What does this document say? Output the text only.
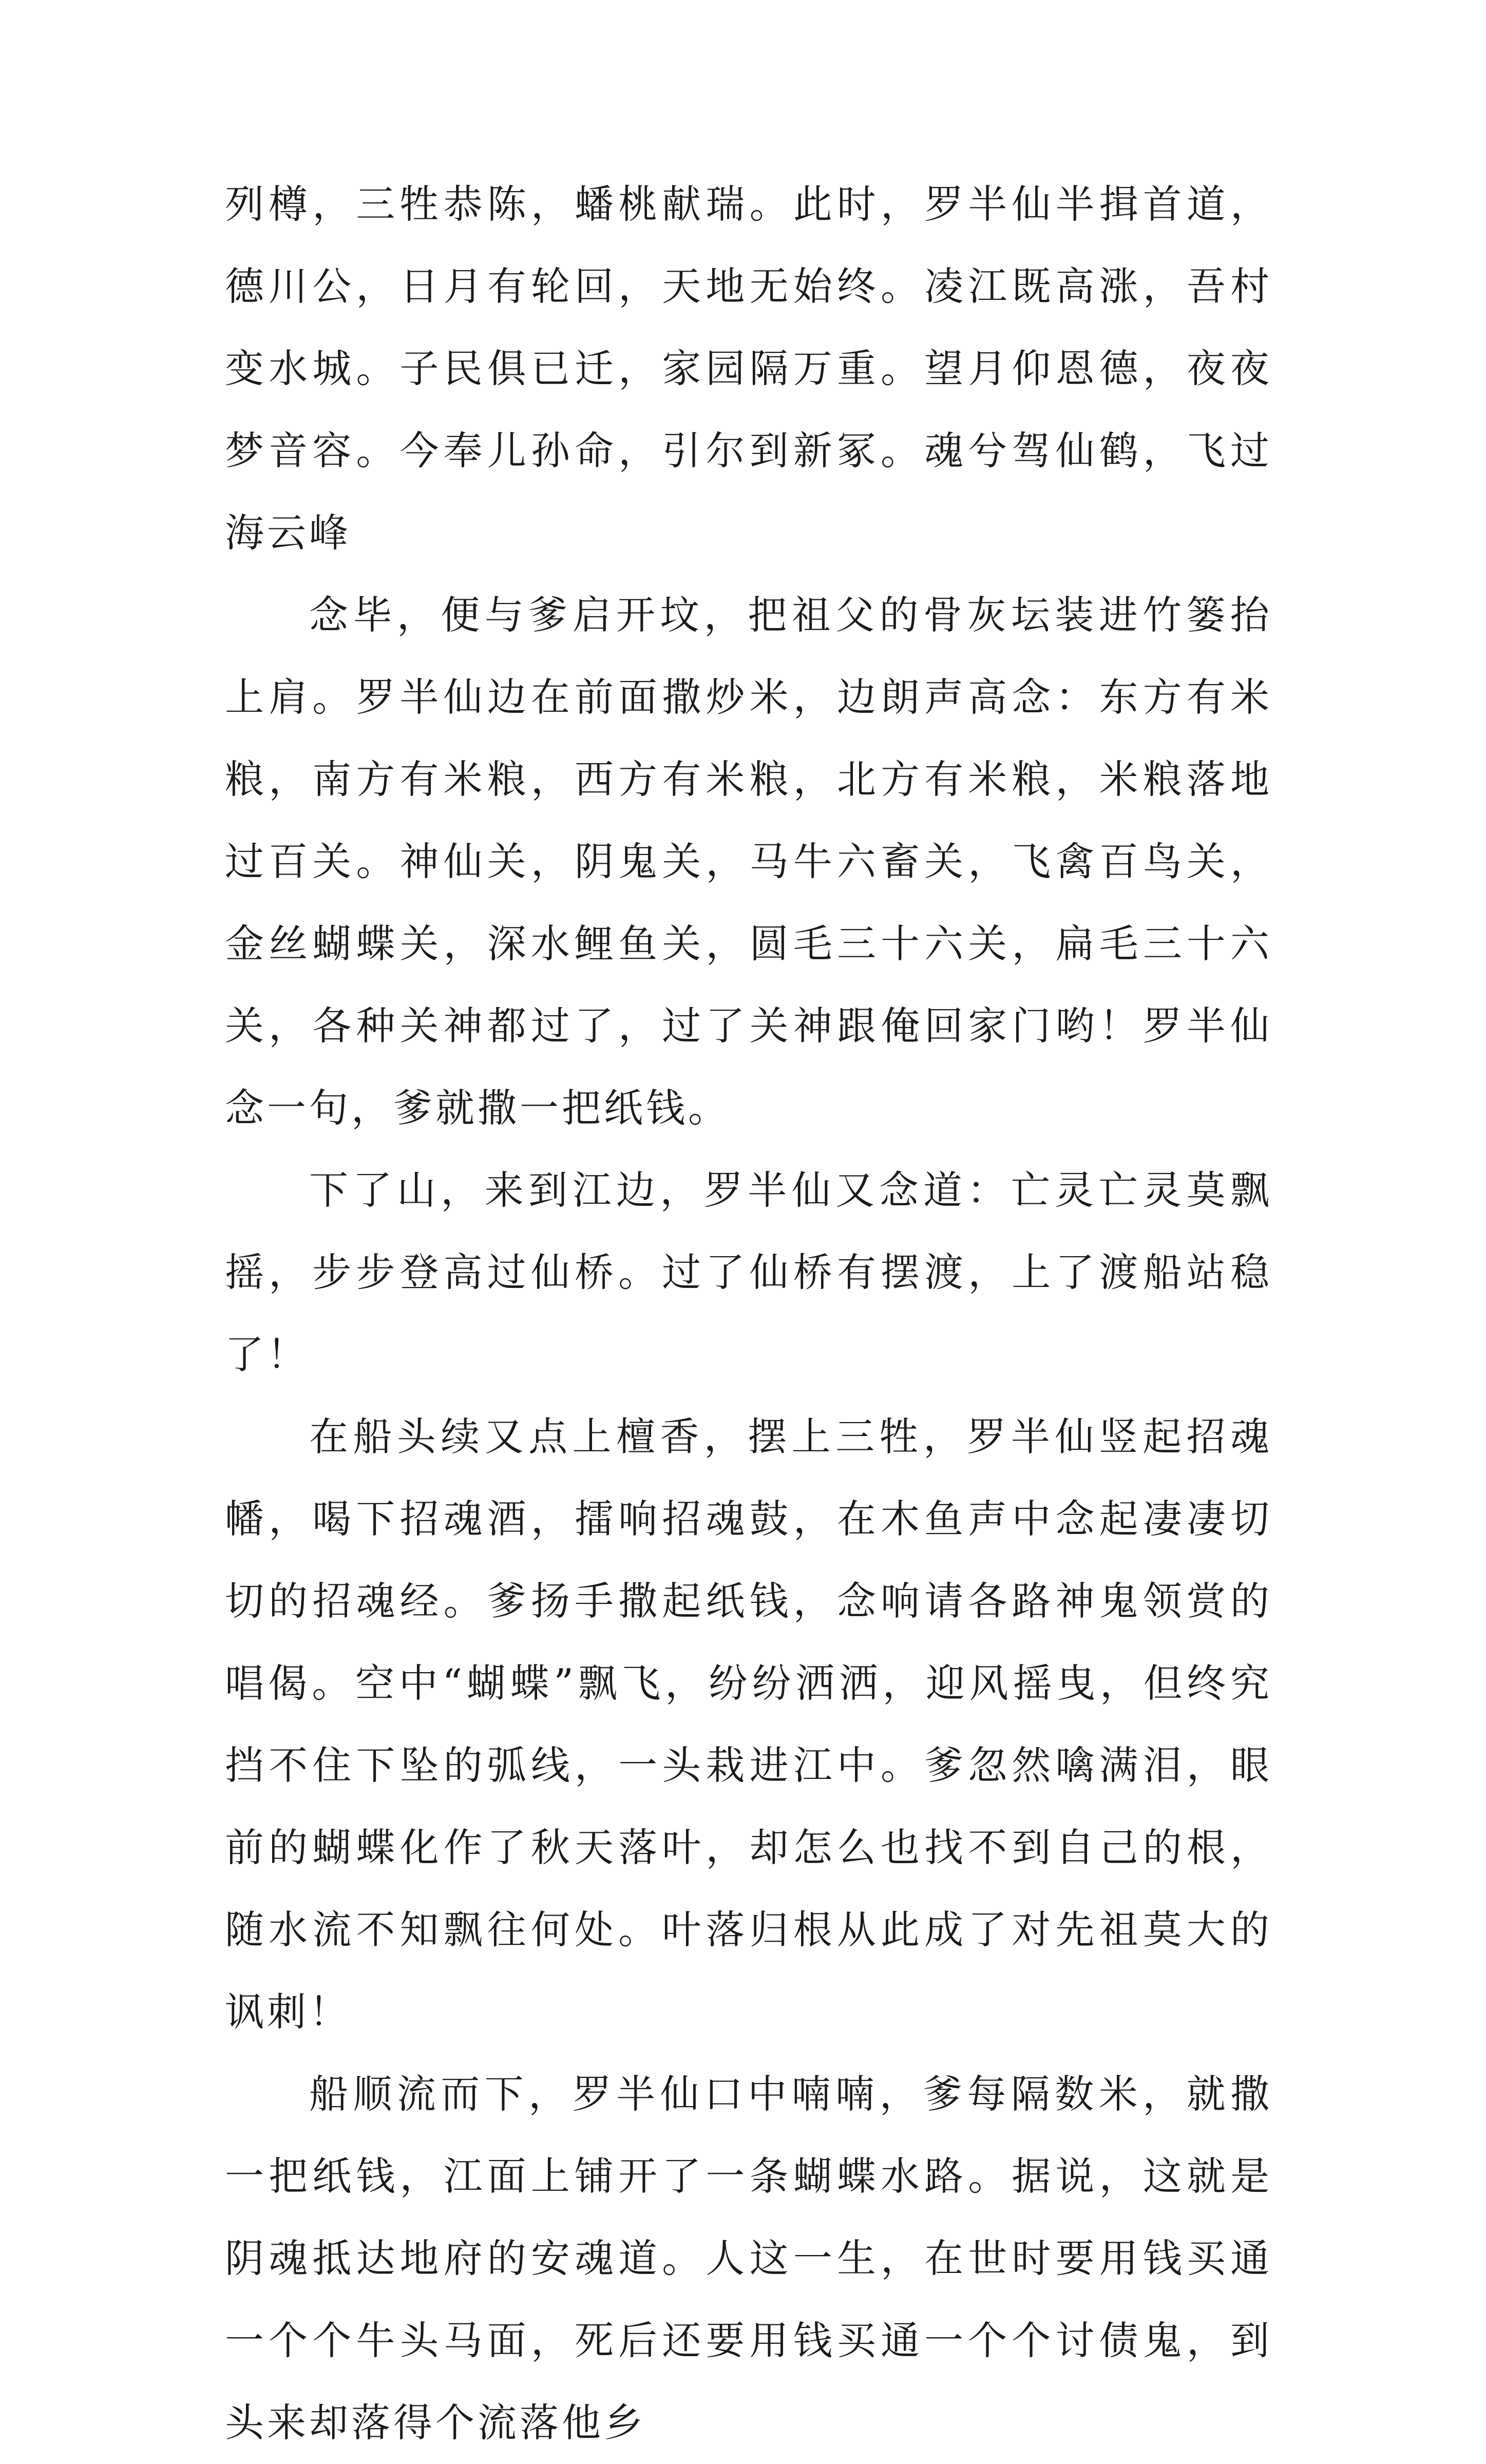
列樽，三牲恭陈，蟠桃献瑞。此时，罗半仙半揖首道，德川公，日月有轮回，天地无始终。凌江既高涨，吾村变水城。子民俱已迁，家园隔万重。望月仰恩德，夜夜梦音容。今奉儿孙命，引尔到新冢。魂兮驾仙鹤，飞过海云峰

念毕，便与爹启开坟，把祖父的骨灰坛装进竹篓抬上肩。罗半仙边在前面撒炒米，边朗声高念：东方有米粮，南方有米粮，西方有米粮，北方有米粮，米粮落地过百关。神仙关，阴鬼关，马牛六畜关，飞禽百鸟关，金丝蝴蝶关，深水鲤鱼关，圆毛三十六关，扁毛三十六关，各种关神都过了，过了关神跟俺回家门哟！罗半仙念一句，爹就撒一把纸钱。

下了山，来到江边，罗半仙又念道：亡灵亡灵莫飘摇，步步登高过仙桥。过了仙桥有摆渡，上了渡船站稳了！

在船头续又点上檀香，摆上三牲，罗半仙竖起招魂幡，喝下招魂酒，擂响招魂鼓，在木鱼声中念起凄凄切切的招魂经。爹扬手撒起纸钱，念响请各路神鬼领赏的唱偈。空中“蝴蝶”飘飞，纷纷洒洒，迎风摇曳，但终究挡不住下坠的弧线，一头栽进江中。爹忽然噙满泪，眼前的蝴蝶化作了秋天落叶，却怎么也找不到自己的根，随水流不知飘往何处。叶落归根从此成了对先祖莫大的讽刺！

船顺流而下，罗半仙口中喃喃，爹每隔数米，就撒一把纸钱，江面上铺开了一条蝴蝶水路。据说，这就是阴魂抵达地府的安魂道。人这一生，在世时要用钱买通一个个牛头马面，死后还要用钱买通一个个讨债鬼，到头来却落得个流落他乡
